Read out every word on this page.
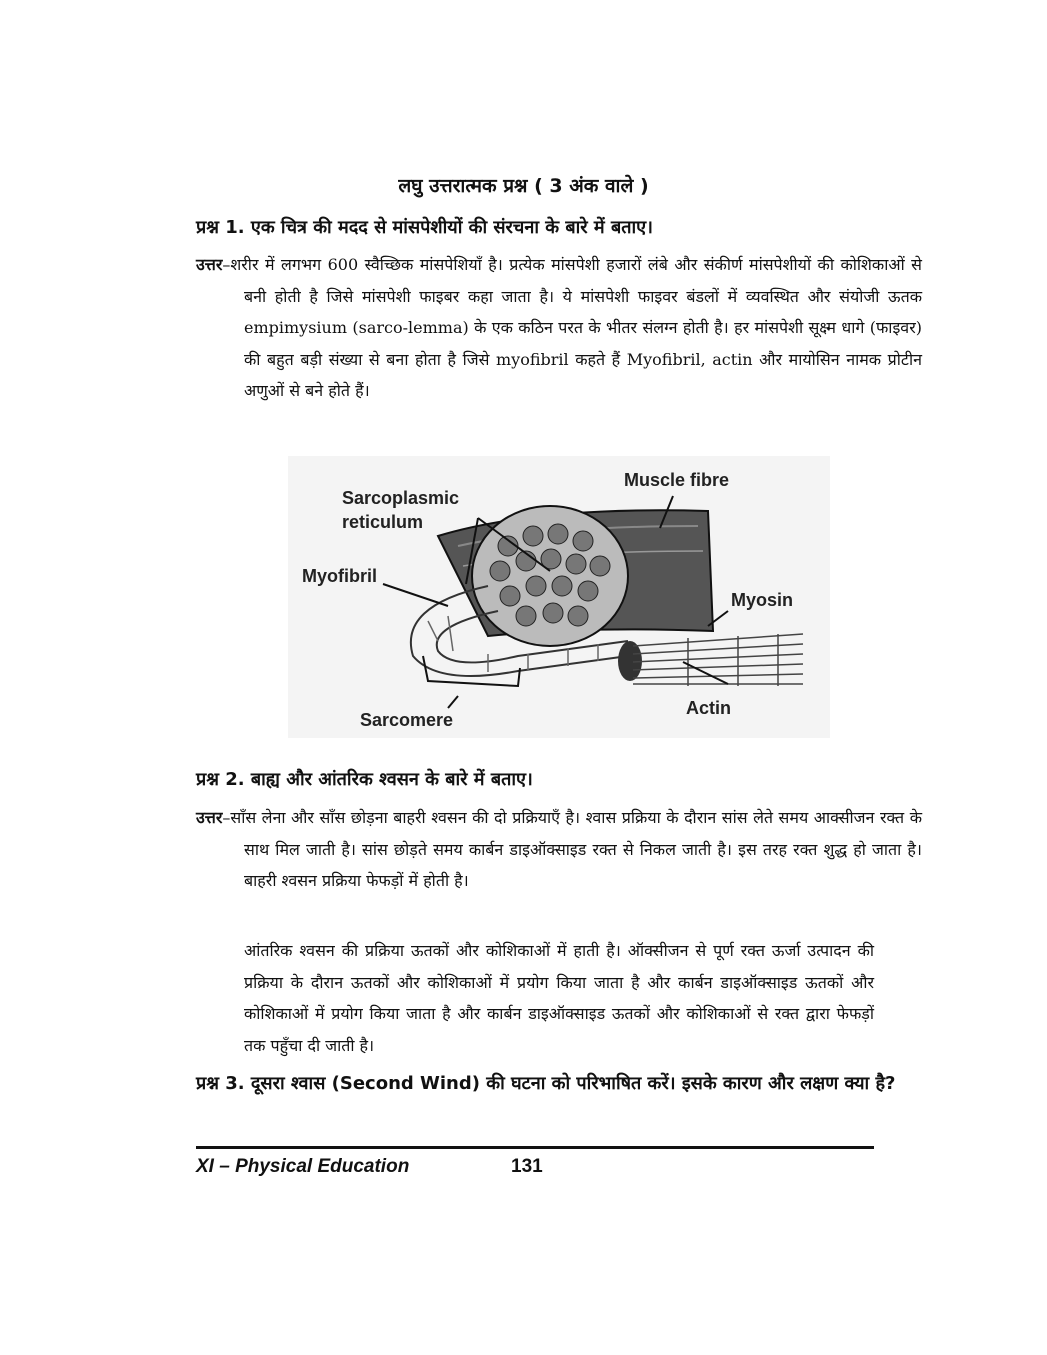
लघु उत्तरात्मक प्रश्न ( 3 अंक वाले )
प्रश्न 1. एक चित्र की मदद से मांसपेशीयों की संरचना के बारे में बताए।
उत्तर–शरीर में लगभग 600 स्वैच्छिक मांसपेशियाँ है। प्रत्येक मांसपेशी हजारों लंबे और संकीर्ण मांसपेशीयों की कोशिकाओं से बनी होती है जिसे मांसपेशी फाइबर कहा जाता है। ये मांसपेशी फाइवर बंडलों में व्यवस्थित और संयोजी ऊतक empimysium (sarco-lemma) के एक कठिन परत के भीतर संलग्न होती है। हर मांसपेशी सूक्ष्म धागे (फाइवर) की बहुत बड़ी संख्या से बना होता है जिसे myofibril कहते हैं Myofibril, actin और मायोसिन नामक प्रोटीन अणुओं से बने होते हैं।
Sarcoplasmic
reticulum
Muscle fibre
Myofibril
Myosin
Actin
Sarcomere
प्रश्न 2. बाह्य और आंतरिक श्वसन के बारे में बताए।
उत्तर–साँस लेना और साँस छोड़ना बाहरी श्वसन की दो प्रक्रियाएँ है। श्वास प्रक्रिया के दौरान सांस लेते समय आक्सीजन रक्त के साथ मिल जाती है। सांस छोड़ते समय कार्बन डाइऑक्साइड रक्त से निकल जाती है। इस तरह रक्त शुद्ध हो जाता है। बाहरी श्वसन प्रक्रिया फेफड़ों में होती है।
आंतरिक श्वसन की प्रक्रिया ऊतकों और कोशिकाओं में हाती है। ऑक्सीजन से पूर्ण रक्त ऊर्जा उत्पादन की प्रक्रिया के दौरान ऊतकों और कोशिकाओं में प्रयोग किया जाता है और कार्बन डाइऑक्साइड ऊतकों और कोशिकाओं में प्रयोग किया जाता है और कार्बन डाइऑक्साइड ऊतकों और कोशिकाओं से रक्त द्वारा फेफड़ों तक पहुँचा दी जाती है।
प्रश्न 3. दूसरा श्वास (Second Wind) की घटना को परिभाषित करें। इसके कारण और लक्षण क्या है?
XI – Physical Education	131
